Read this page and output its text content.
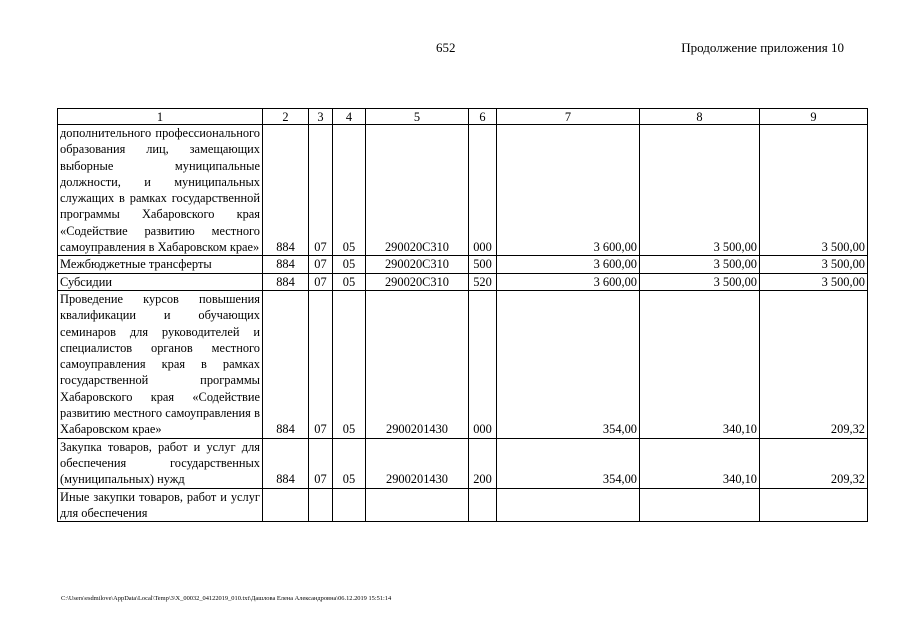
652	Продолжение приложения 10
1	2	3	4	5	6	7	8	9
дополнительного профессионального образования лиц, замещающих выборные муниципальные должности, и муниципальных служащих в рамках государственной программы Хабаровского края «Содействие развитию местного самоуправления в Хабаровском крае»	884	07	05	290020С310	000	3 600,00	3 500,00	3 500,00
Межбюджетные трансферты	884	07	05	290020С310	500	3 600,00	3 500,00	3 500,00
Субсидии	884	07	05	290020С310	520	3 600,00	3 500,00	3 500,00
Проведение курсов повышения квалификации и обучающих семинаров для руководителей и специалистов органов местного самоуправления края в рамках государственной программы Хабаровского края «Содействие развитию местного самоуправления в Хабаровском крае»	884	07	05	2900201430	000	354,00	340,10	209,32
Закупка товаров, работ и услуг для обеспечения государственных (муниципальных) нужд	884	07	05	2900201430	200	354,00	340,10	209,32
Иные закупки товаров, работ и услуг для обеспечения								
C:\Users\esdmilove\AppData\Local\Temp\3\X_00032_04122019_010.txt\Дашлова Елена Александровна\06.12.2019 15:51:14
